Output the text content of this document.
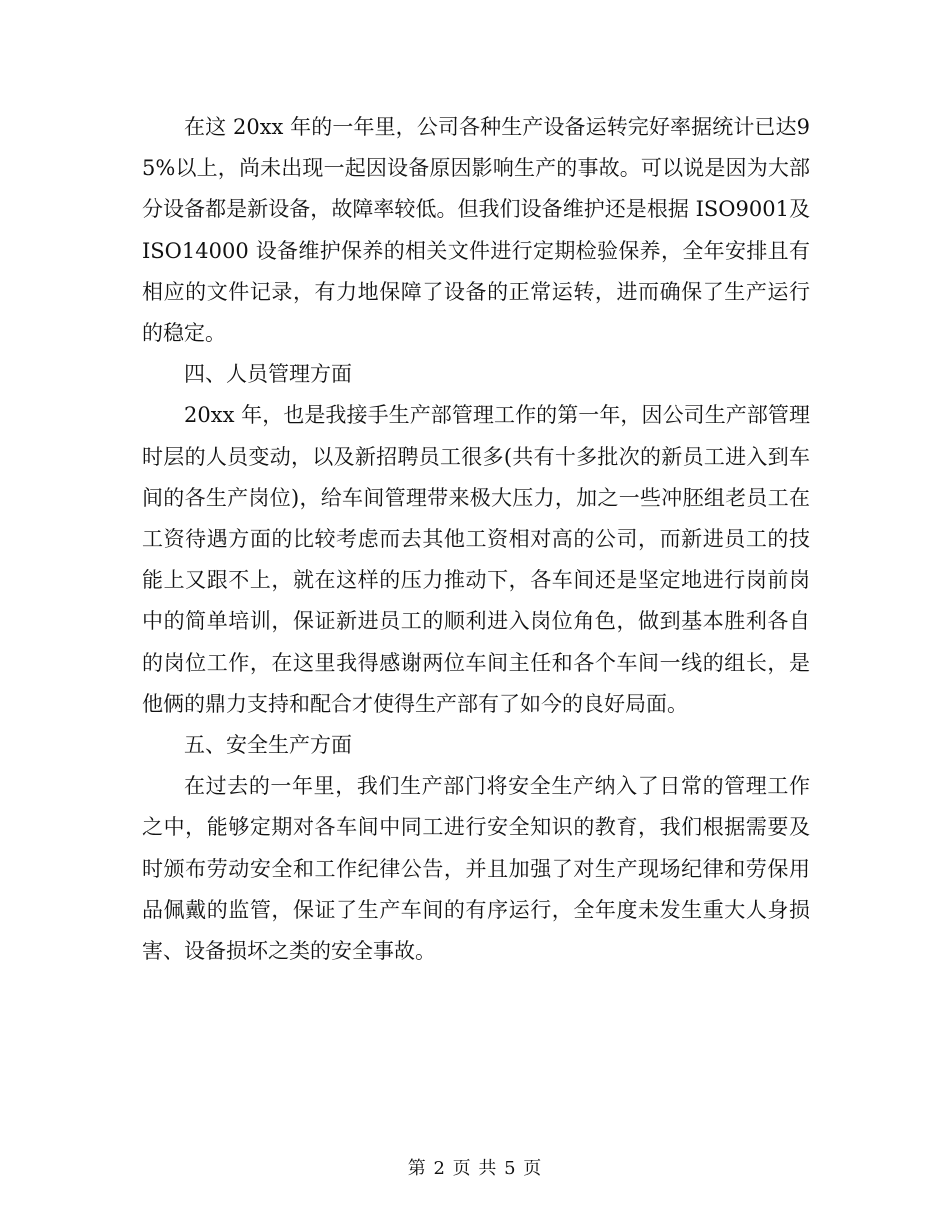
在这 20xx 年的一年里，公司各种生产设备运转完好率据统计已达95%以上，尚未出现一起因设备原因影响生产的事故。可以说是因为大部分设备都是新设备，故障率较低。但我们设备维护还是根据 ISO9001及 ISO14000 设备维护保养的相关文件进行定期检验保养，全年安排且有相应的文件记录，有力地保障了设备的正常运转，进而确保了生产运行的稳定。

四、人员管理方面

20xx 年，也是我接手生产部管理工作的第一年，因公司生产部管理时层的人员变动，以及新招聘员工很多(共有十多批次的新员工进入到车间的各生产岗位)，给车间管理带来极大压力，加之一些冲胚组老员工在工资待遇方面的比较考虑而去其他工资相对高的公司，而新进员工的技能上又跟不上，就在这样的压力推动下，各车间还是坚定地进行岗前岗中的简单培训，保证新进员工的顺利进入岗位角色，做到基本胜利各自的岗位工作，在这里我得感谢两位车间主任和各个车间一线的组长，是他俩的鼎力支持和配合才使得生产部有了如今的良好局面。

五、安全生产方面

在过去的一年里，我们生产部门将安全生产纳入了日常的管理工作之中，能够定期对各车间中同工进行安全知识的教育，我们根据需要及时颁布劳动安全和工作纪律公告，并且加强了对生产现场纪律和劳保用品佩戴的监管，保证了生产车间的有序运行，全年度未发生重大人身损害、设备损坏之类的安全事故。

第 2 页 共 5 页
